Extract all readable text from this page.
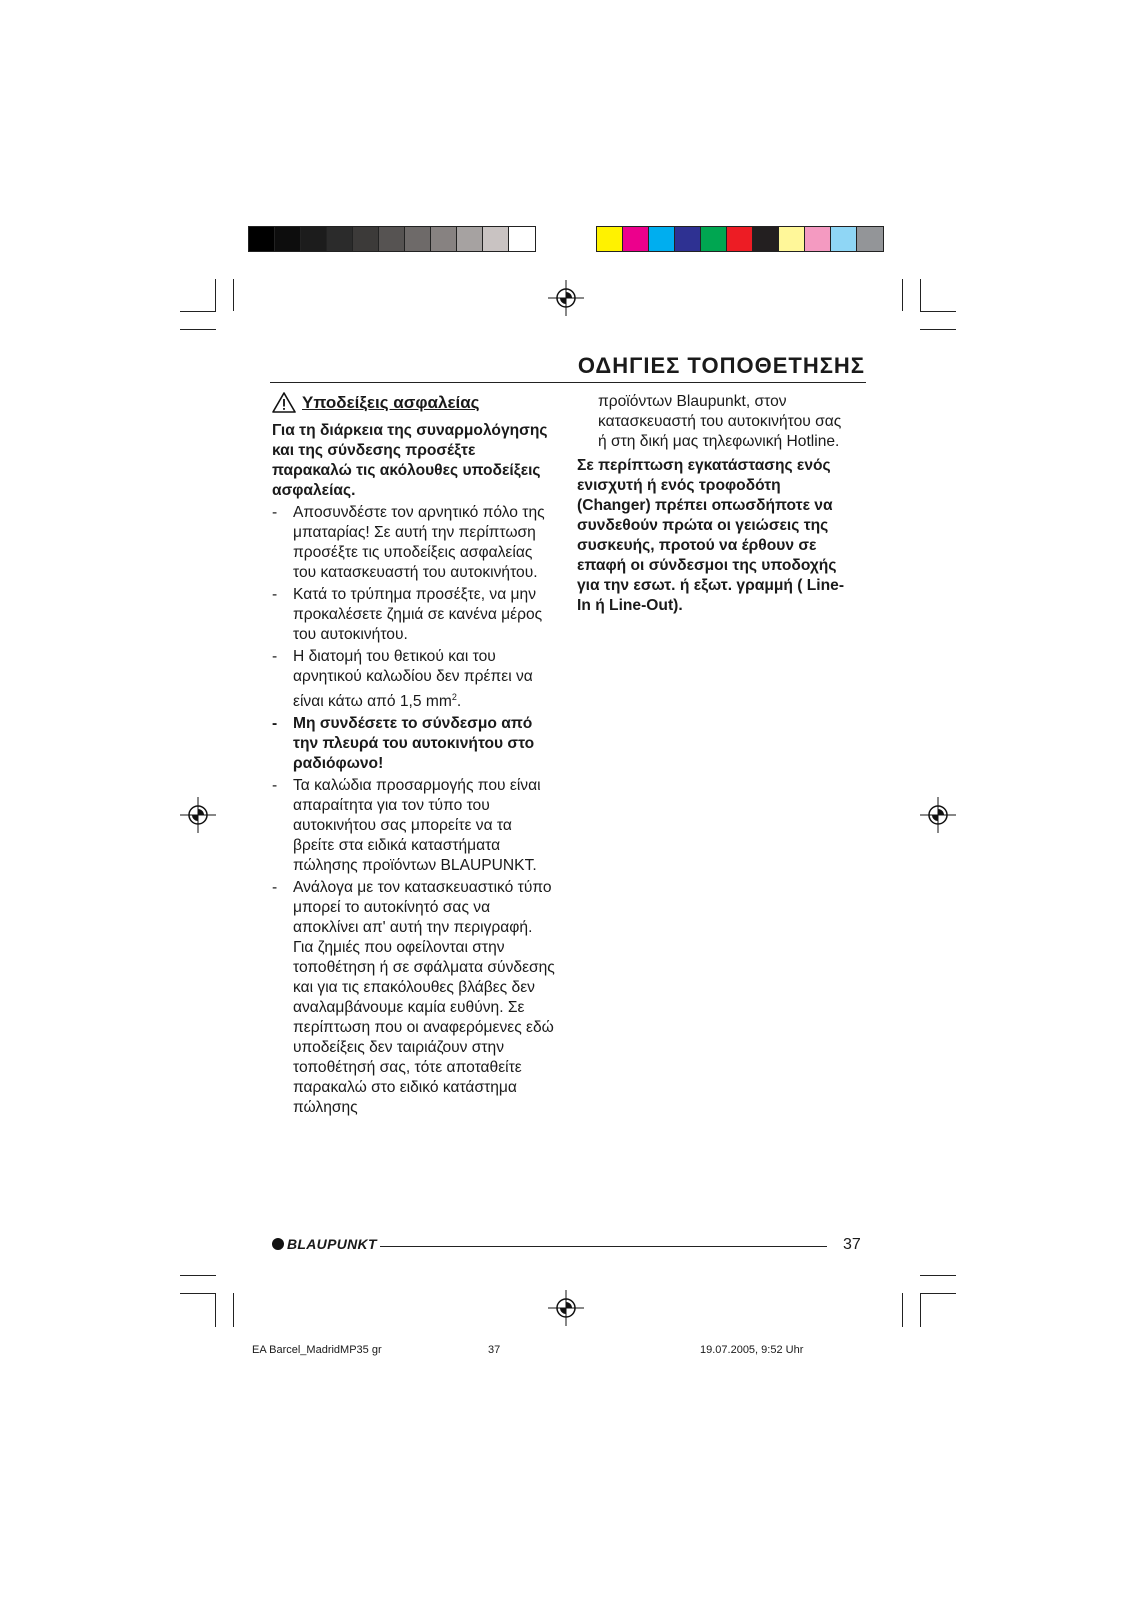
ΟΔΗΓΙΕΣ ΤΟΠΟΘΕΤΗΣΗΣ
Υποδείξεις ασφαλείας

Για τη διάρκεια της συναρμολόγησης και της σύνδεσης προσέξτε παρακαλώ τις ακόλουθες υποδείξεις ασφαλείας.

- Αποσυνδέστε τον αρνητικό πόλο της μπαταρίας! Σε αυτή την περίπτωση προσέξτε τις υποδείξεις ασφαλείας του κατασκευαστή του αυτοκινήτου.
- Κατά το τρύπημα προσέξτε, να μην προκαλέσετε ζημιά σε κανένα μέρος του αυτοκινήτου.
- Η διατομή του θετικού και του αρνητικού καλωδίου δεν πρέπει να είναι κάτω από 1,5 $mm^2$.
- Μη συνδέσετε το σύνδεσμο από την πλευρά του αυτοκινήτου στο ραδιόφωνο!
- Τα καλώδια προσαρμογής που είναι απαραίτητα για τον τύπο του αυτοκινήτου σας μπορείτε να τα βρείτε στα ειδικά καταστήματα πώλησης προϊόντων BLAUPUNKT.
- Ανάλογα με τον κατασκευαστικό τύπο μπορεί το αυτοκίνητό σας να αποκλίνει απ' αυτή την περιγραφή. Για ζημιές που οφείλονται στην τοποθέτηση ή σε σφάλματα σύνδεσης και για τις επακόλουθες βλάβες δεν αναλαμβάνουμε καμία ευθύνη. Σε περίπτωση που οι αναφερόμενες εδώ υποδείξεις δεν ταιριάζουν στην τοποθέτησή σας, τότε αποταθείτε παρακαλώ στο ειδικό κατάστημα πώλησης

προϊόντων Blaupunkt, στον κατασκευαστή του αυτοκινήτου σας ή στη δική μας τηλεφωνική Hotline.

Σε περίπτωση εγκατάστασης ενός ενισχυτή ή ενός τροφοδότη (Changer) πρέπει οπωσδήποτε να συνδεθούν πρώτα οι γειώσεις της συσκευής, προτού να έρθουν σε επαφή οι σύνδεσμοι της υποδοχής για την εσωτ. ή εξωτ. γραμμή ( Line-In ή Line-Out).

BLAUPUNKT	37
EA Barcel_MadridMP35 gr	37	19.07.2005, 9:52 Uhr
